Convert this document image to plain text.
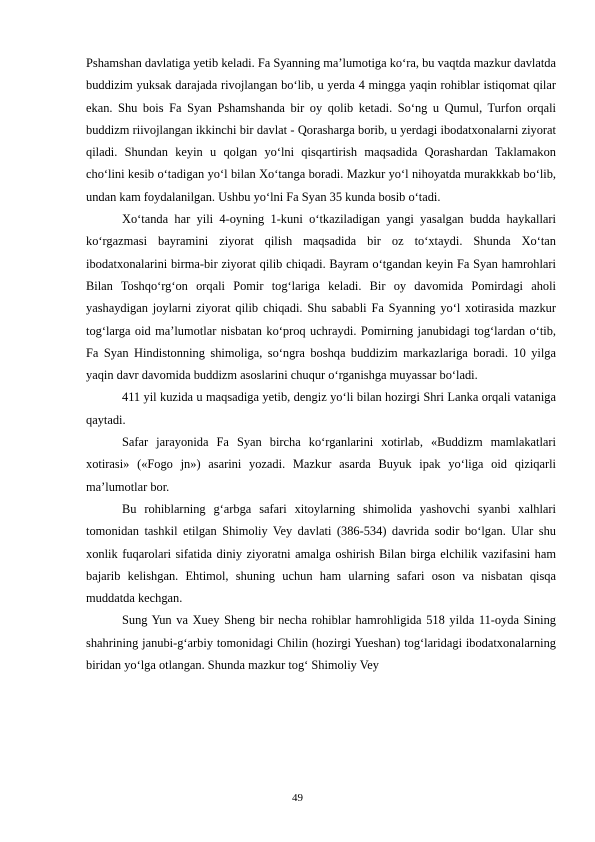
Pshamshan davlatiga yetib keladi. Fa Syanning ma’lumotiga ko‘ra, bu vaqtda mazkur davlatda buddizim yuksak darajada rivojlangan bo‘lib, u yerda 4 mingga yaqin rohiblar istiqomat qilar ekan. Shu bois Fa Syan Pshamshanda bir oy qolib ketadi. So‘ng u Qumul, Turfon orqali buddizm riivojlangan ikkinchi bir davlat - Qorasharga borib, u yerdagi ibodatxonalarni ziyorat qiladi. Shundan keyin u qolgan yo‘lni qisqartirish maqsadida Qorashardan Taklamakon cho‘lini kesib o‘tadigan yo‘l bilan Xo‘tanga boradi. Mazkur yo‘l nihoyatda murakkkab bo‘lib, undan kam foydalanilgan. Ushbu yo‘lni Fa Syan 35 kunda bosib o‘tadi.

Xo‘tanda har yili 4-oyning 1-kuni o‘tkaziladigan yangi yasalgan budda haykallari ko‘rgazmasi bayramini ziyorat qilish maqsadida bir oz to‘xtaydi. Shunda Xo‘tan ibodatxonalarini birma-bir ziyorat qilib chiqadi. Bayram o‘tgandan keyin Fa Syan hamrohlari Bilan Toshqo‘rg‘on orqali Pomir tog‘lariga keladi. Bir oy davomida Pomirdagi aholi yashaydigan joylarni ziyorat qilib chiqadi. Shu sababli Fa Syanning yo‘l xotirasida mazkur tog‘larga oid ma’lumotlar nisbatan ko‘proq uchraydi. Pomirning janubidagi tog‘lardan o‘tib, Fa Syan Hindistonning shimoliga, so‘ngra boshqa buddizim markazlariga boradi. 10 yilga yaqin davr davomida buddizm asoslarini chuqur o‘rganishga muyassar bo‘ladi.

411 yil kuzida u maqsadiga yetib, dengiz yo‘li bilan hozirgi Shri Lanka orqali vataniga qaytadi.

Safar jarayonida Fa Syan bircha ko‘rganlarini xotirlab, «Buddizm mamlakatlari xotirasi» («Fogo jn») asarini yozadi. Mazkur asarda Buyuk ipak yo‘liga oid qiziqarli ma’lumotlar bor.

Bu rohiblarning g‘arbga safari xitoylarning shimolida yashovchi syanbi xalhlari tomonidan tashkil etilgan Shimoliy Vey davlati (386-534) davrida sodir bo‘lgan. Ular shu xonlik fuqarolari sifatida diniy ziyoratni amalga oshirish Bilan birga elchilik vazifasini ham bajarib kelishgan. Ehtimol, shuning uchun ham ularning safari oson va nisbatan qisqa muddatda kechgan.

Sung Yun va Xuey Sheng bir necha rohiblar hamrohligida 518 yilda 11-oyda Sining shahrining janubi-g‘arbiy tomonidagi Chilin (hozirgi Yueshan) tog‘laridagi ibodatxonalarning biridan yo‘lga otlangan. Shunda mazkur tog‘ Shimoliy Vey

49
